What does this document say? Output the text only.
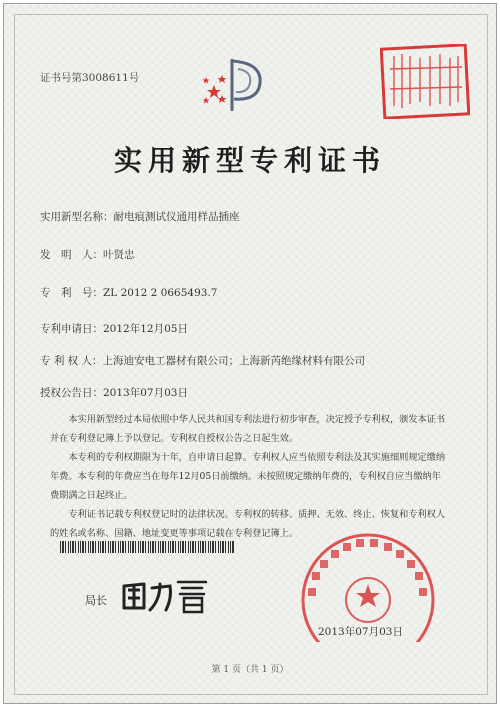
证书号第3008611号
实用新型专利证书
实用新型名称：耐电痕测试仪通用样品插座
发　明　人：叶贤忠
专　利　号：ZL 2012 2 0665493.7
专利申请日：2012年12月05日
专 利 权 人：上海迪安电工器材有限公司；上海新芮绝缘材料有限公司
授权公告日：2013年07月03日

本实用新型经过本局依照中华人民共和国专利法进行初步审查，决定授予专利权，颁发本证书并在专利登记簿上予以登记。专利权自授权公告之日起生效。

本专利的专利权期限为十年，自申请日起算。专利权人应当依照专利法及其实施细则规定缴纳年费。本专利的年费应当在每年12月05日前缴纳。未按照规定缴纳年费的，专利权自应当缴纳年费期满之日起终止。

专利证书记载专利权登记时的法律状况。专利权的转移、质押、无效、终止、恢复和专利权人的姓名或名称、国籍、地址变更等事项记载在专利登记簿上。

局长
2013年07月03日
第 1 页（共 1 页）
